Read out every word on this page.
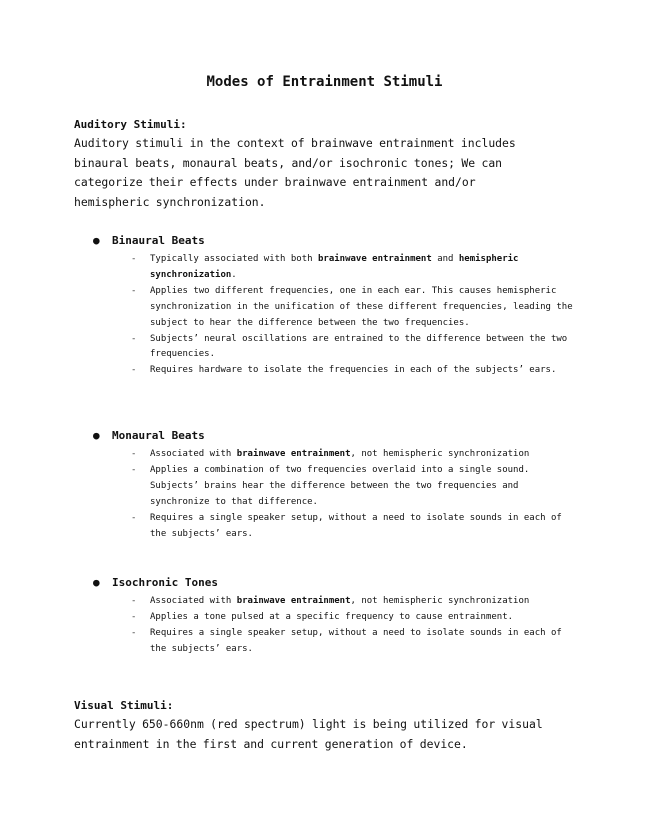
Modes of Entrainment Stimuli
Auditory Stimuli:

Auditory stimuli in the context of brainwave entrainment includes binaural beats, monaural beats, and/or isochronic tones; We can categorize their effects under brainwave entrainment and/or hemispheric synchronization.

● Binaural Beats
- Typically associated with both brainwave entrainment and hemispheric synchronization.
- Applies two different frequencies, one in each ear. This causes hemispheric synchronization in the unification of these different frequencies, leading the subject to hear the difference between the two frequencies.
- Subjects’ neural oscillations are entrained to the difference between the two frequencies.
- Requires hardware to isolate the frequencies in each of the subjects’ ears.
● Monaural Beats
- Associated with brainwave entrainment, not hemispheric synchronization
- Applies a combination of two frequencies overlaid into a single sound. Subjects’ brains hear the difference between the two frequencies and synchronize to that difference.
- Requires a single speaker setup, without a need to isolate sounds in each of the subjects’ ears.
● Isochronic Tones
- Associated with brainwave entrainment, not hemispheric synchronization
- Applies a tone pulsed at a specific frequency to cause entrainment.
- Requires a single speaker setup, without a need to isolate sounds in each of the subjects’ ears.
Visual Stimuli:

Currently 650-660nm (red spectrum) light is being utilized for visual entrainment in the first and current generation of device.
